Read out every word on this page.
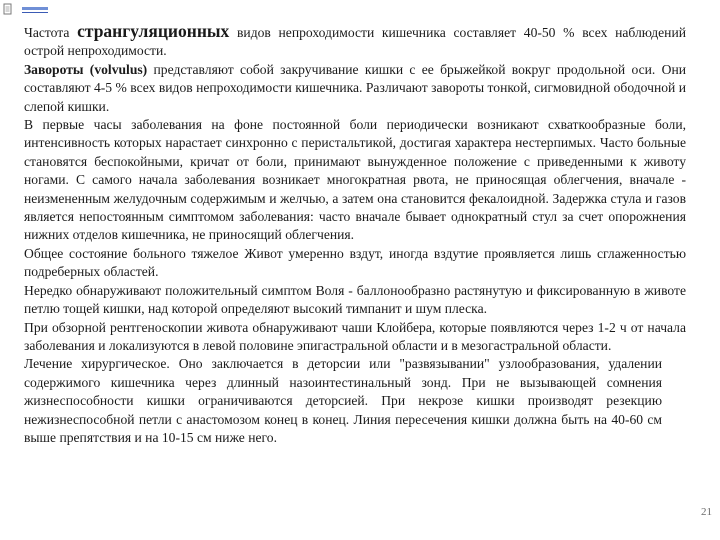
Частота странгуляционных видов непроходимости кишечника составляет 40-50 % всех наблюдений острой непроходимости.

Завороты (volvulus) представляют собой закручивание кишки с ее брыжейкой вокруг продольной оси. Они составляют 4-5 % всех видов непроходимости кишечника. Различают завороты тонкой, сигмовидной ободочной и слепой кишки.

В первые часы заболевания на фоне постоянной боли периодически возникают схваткообразные боли, интенсивность которых нарастает синхронно с перистальтикой, достигая характера нестерпимых. Часто больные становятся беспокойными, кричат от боли, принимают вынужденное положение с приведенными к животу ногами. С самого начала заболевания возникает многократная рвота, не приносящая облегчения, вначале - неизмененным желудочным содержимым и желчью, а затем она становится фекалоидной. Задержка стула и газов является непостоянным симптомом заболевания: часто вначале бывает однократный стул за счет опорожнения нижних отделов кишечника, не приносящий облегчения.

Общее состояние больного тяжелое Живот умеренно вздут, иногда вздутие проявляется лишь сглаженностью подреберных областей.

Нередко обнаруживают положительный симптом Воля - баллонообразно растянутую и фиксированную в животе петлю тощей кишки, над которой определяют высокий тимпанит и шум плеска.

При обзорной рентгеноскопии живота обнаруживают чаши Клойбера, которые появляются через 1-2 ч от начала заболевания и локализуются в левой половине эпигастральной области и в мезогастральной области.

Лечение хирургическое. Оно заключается в деторсии или "развязывании" узлообразования, удалении содержимого кишечника через длинный назоинтестинальный зонд. При не вызывающей сомнения жизнеспособности кишки ограничиваются деторсией. При некрозе кишки производят резекцию нежизнеспособной петли с анастомозом конец в конец. Линия пересечения кишки должна быть на 40-60 см выше препятствия и на 10-15 см ниже него.

21
